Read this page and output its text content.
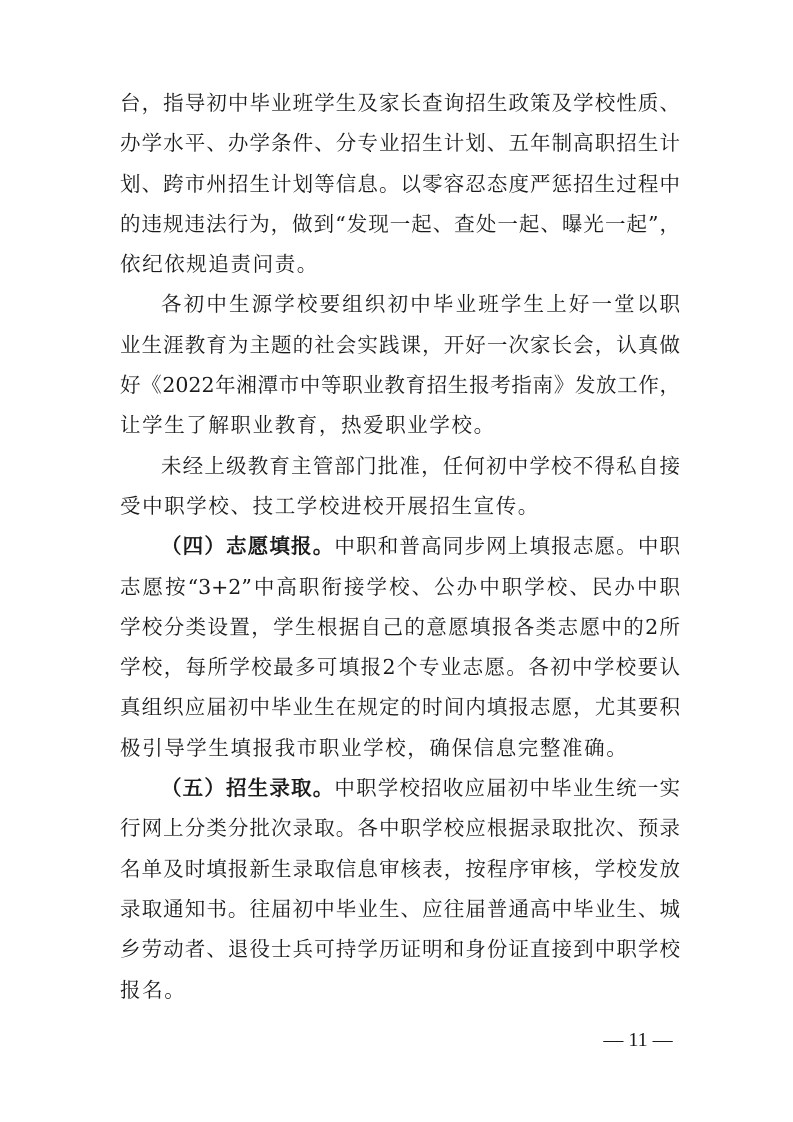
台，指导初中毕业班学生及家长查询招生政策及学校性质、
办学水平、办学条件、分专业招生计划、五年制高职招生计
划、跨市州招生计划等信息。以零容忍态度严惩招生过程中
的违规违法行为，做到“发现一起、查处一起、曝光一起”，
依纪依规追责问责。
各初中生源学校要组织初中毕业班学生上好一堂以职
业生涯教育为主题的社会实践课，开好一次家长会，认真做
好《2022年湘潭市中等职业教育招生报考指南》发放工作，
让学生了解职业教育，热爱职业学校。
未经上级教育主管部门批准，任何初中学校不得私自接
受中职学校、技工学校进校开展招生宣传。
（四）志愿填报。中职和普高同步网上填报志愿。中职
志愿按“3+2”中高职衔接学校、公办中职学校、民办中职
学校分类设置，学生根据自己的意愿填报各类志愿中的2所
学校，每所学校最多可填报2个专业志愿。各初中学校要认
真组织应届初中毕业生在规定的时间内填报志愿，尤其要积
极引导学生填报我市职业学校，确保信息完整准确。
（五）招生录取。中职学校招收应届初中毕业生统一实
行网上分类分批次录取。各中职学校应根据录取批次、预录
名单及时填报新生录取信息审核表，按程序审核，学校发放
录取通知书。往届初中毕业生、应往届普通高中毕业生、城
乡劳动者、退役士兵可持学历证明和身份证直接到中职学校
报名。
— 11 —
